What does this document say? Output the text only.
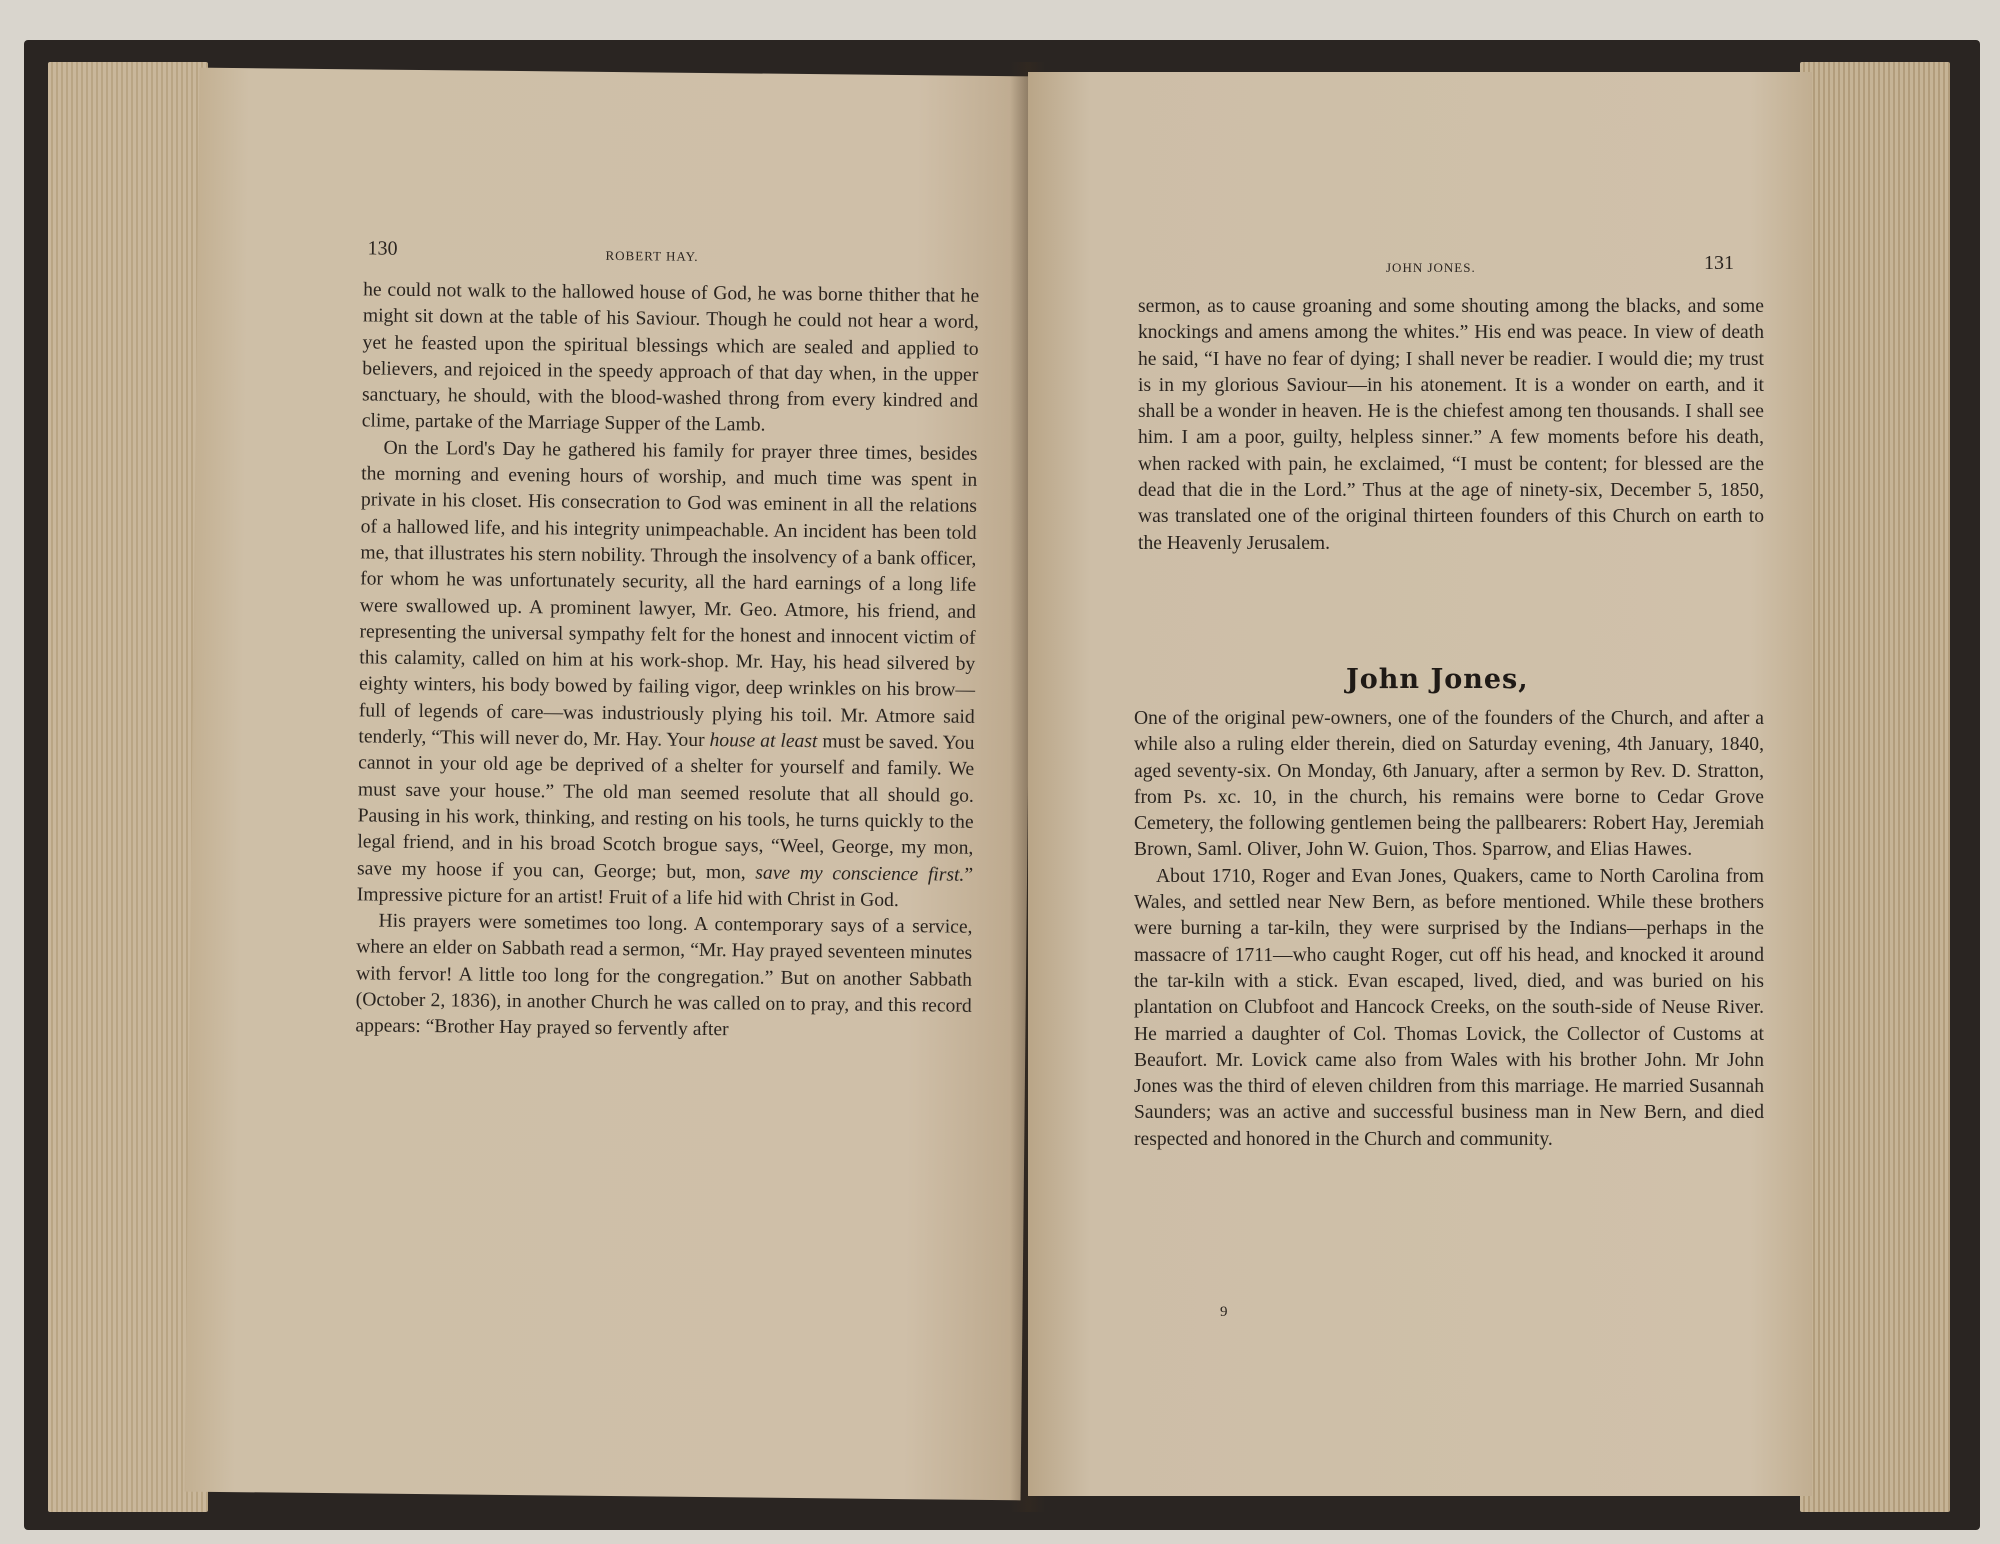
130	ROBERT HAY.

he could not walk to the hallowed house of God, he was borne thither that he might sit down at the table of his Saviour. Though he could not hear a word, yet he feasted upon the spiritual blessings which are sealed and applied to believers, and rejoiced in the speedy approach of that day when, in the upper sanctuary, he should, with the blood-washed throng from every kindred and clime, partake of the Marriage Supper of the Lamb.

On the Lord's Day he gathered his family for prayer three times, besides the morning and evening hours of worship, and much time was spent in private in his closet. His consecration to God was eminent in all the relations of a hallowed life, and his integrity unimpeachable. An incident has been told me, that illustrates his stern nobility. Through the insolvency of a bank officer, for whom he was unfortunately security, all the hard earnings of a long life were swallowed up. A prominent lawyer, Mr. Geo. Atmore, his friend, and representing the universal sympathy felt for the honest and innocent victim of this calamity, called on him at his work-shop. Mr. Hay, his head silvered by eighty winters, his body bowed by failing vigor, deep wrinkles on his brow—full of legends of care—was industriously plying his toil. Mr. Atmore said tenderly, “This will never do, Mr. Hay. Your house at least must be saved. You cannot in your old age be deprived of a shelter for yourself and family. We must save your house.” The old man seemed resolute that all should go. Pausing in his work, thinking, and resting on his tools, he turns quickly to the legal friend, and in his broad Scotch brogue says, “Weel, George, my mon, save my hoose if you can, George; but, mon, save my conscience first.” Impressive picture for an artist! Fruit of a life hid with Christ in God.

His prayers were sometimes too long. A contemporary says of a service, where an elder on Sabbath read a sermon, “Mr. Hay prayed seventeen minutes with fervor! A little too long for the congregation.” But on another Sabbath (October 2, 1836), in another Church he was called on to pray, and this record appears: “Brother Hay prayed so fervently after

JOHN JONES.	131

sermon, as to cause groaning and some shouting among the blacks, and some knockings and amens among the whites.” His end was peace. In view of death he said, “I have no fear of dying; I shall never be readier. I would die; my trust is in my glorious Saviour—in his atonement. It is a wonder on earth, and it shall be a wonder in heaven. He is the chiefest among ten thousands. I shall see him. I am a poor, guilty, helpless sinner.” A few moments before his death, when racked with pain, he exclaimed, “I must be content; for blessed are the dead that die in the Lord.” Thus at the age of ninety-six, December 5, 1850, was translated one of the original thirteen founders of this Church on earth to the Heavenly Jerusalem.

John Jones,

One of the original pew-owners, one of the founders of the Church, and after a while also a ruling elder therein, died on Saturday evening, 4th January, 1840, aged seventy-six. On Monday, 6th January, after a sermon by Rev. D. Stratton, from Ps. xc. 10, in the church, his remains were borne to Cedar Grove Cemetery, the following gentlemen being the pallbearers: Robert Hay, Jeremiah Brown, Saml. Oliver, John W. Guion, Thos. Sparrow, and Elias Hawes.

About 1710, Roger and Evan Jones, Quakers, came to North Carolina from Wales, and settled near New Bern, as before mentioned. While these brothers were burning a tar-kiln, they were surprised by the Indians—perhaps in the massacre of 1711—who caught Roger, cut off his head, and knocked it around the tar-kiln with a stick. Evan escaped, lived, died, and was buried on his plantation on Clubfoot and Hancock Creeks, on the south-side of Neuse River. He married a daughter of Col. Thomas Lovick, the Collector of Customs at Beaufort. Mr. Lovick came also from Wales with his brother John. Mr John Jones was the third of eleven children from this marriage. He married Susannah Saunders; was an active and successful business man in New Bern, and died respected and honored in the Church and community.

9
